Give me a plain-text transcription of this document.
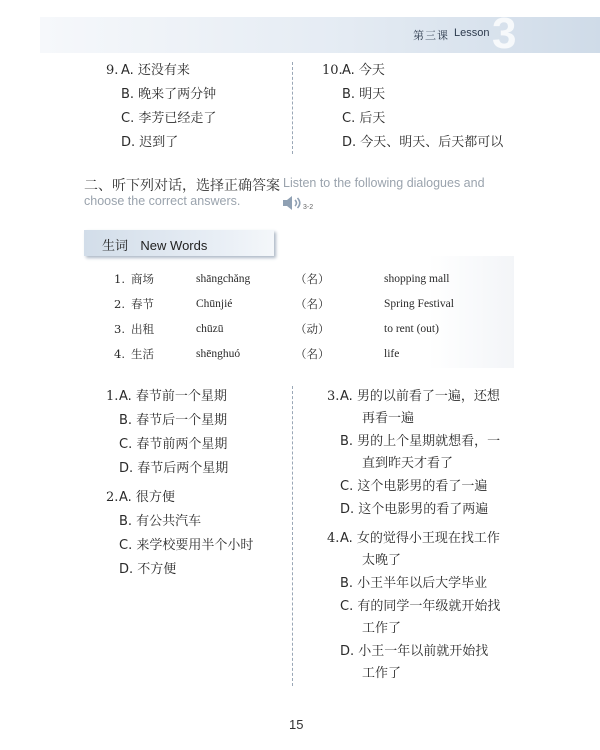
3
第三课 Lesson
9. A. 还没有来
B. 晚来了两分钟
C. 李芳已经走了
D. 迟到了
10. A. 今天
B. 明天
C. 后天
D. 今天、明天、后天都可以
二、听下列对话，选择正确答案 Listen to the following dialogues and
choose the correct answers.	3-2
生词 New Words
1. 商场	shāngchǎng	（名）	shopping mall
2. 春节	Chūnjié	（名）	Spring Festival
3. 出租	chūzū	（动）	to rent (out)
4. 生活	shēnghuó	（名）	life
1. A. 春节前一个星期
B. 春节后一个星期
C. 春节前两个星期
D. 春节后两个星期
2. A. 很方便
B. 有公共汽车
C. 来学校要用半个小时
D. 不方便
3. A. 男的以前看了一遍，还想
再看一遍
B. 男的上个星期就想看，一
直到昨天才看了
C. 这个电影男的看了一遍
D. 这个电影男的看了两遍
4. A. 女的觉得小王现在找工作
太晚了
B. 小王半年以后大学毕业
C. 有的同学一年级就开始找
工作了
D. 小王一年以前就开始找
工作了
15
